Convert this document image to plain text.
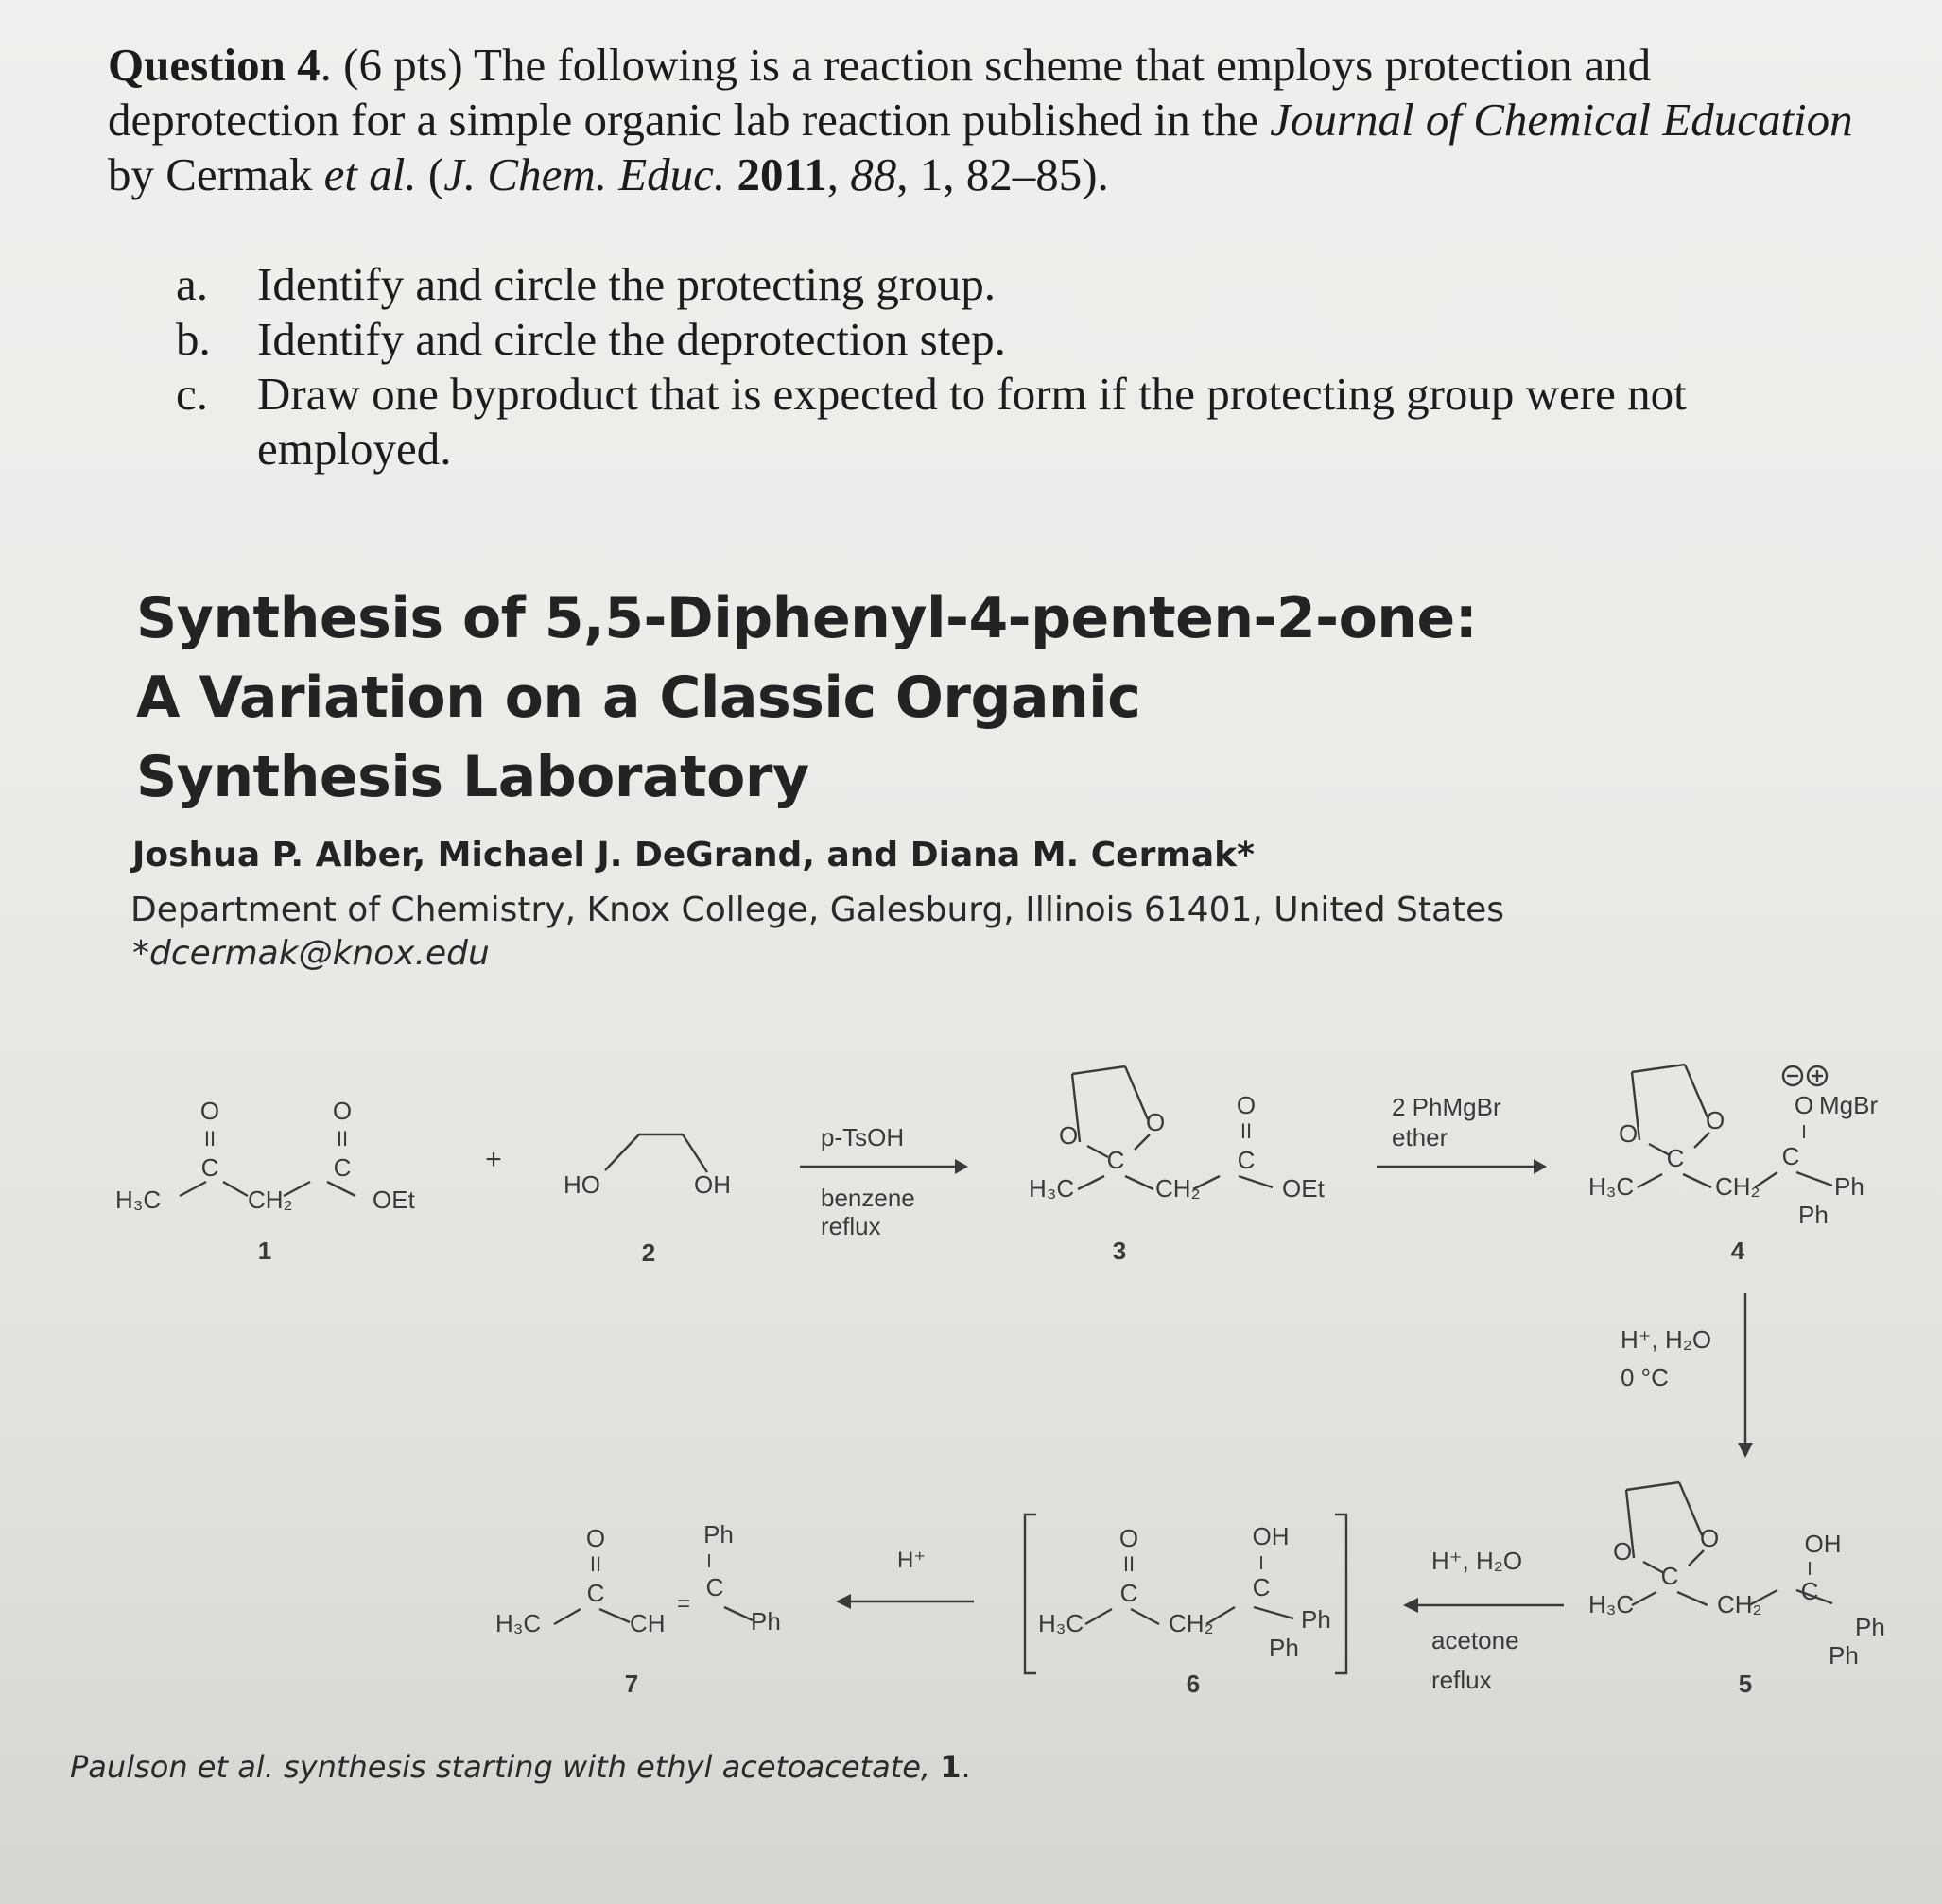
Question 4. (6 pts) The following is a reaction scheme that employs protection and deprotection for a simple organic lab reaction published in the Journal of Chemical Education by Cermak et al. (J. Chem. Educ. 2011, 88, 1, 82–85).

a.	Identify and circle the protecting group.
b.	Identify and circle the deprotection step.
c.	Draw one byproduct that is expected to form if the protecting group were not employed.
Synthesis of 5,5-Diphenyl-4-penten-2-one:
A Variation on a Classic Organic
Synthesis Laboratory
Joshua P. Alber, Michael J. DeGrand, and Diana M. Cermak*
Department of Chemistry, Knox College, Galesburg, Illinois 61401, United States
*dcermak@knox.edu
O
II
C
O
II
C
H₃C	CH₂	OEt
1
+
HO	OH
2
p-TsOH
benzene
reflux
O	O
C
O
II
C
H₃C	CH₂	OEt
3
2 PhMgBr
ether	O	O
C
O MgBr
I
C
H₃C	CH₂	Ph
Ph
4
H⁺, H₂O
0 °C
O	O
C
OH
I
C
H₃C	CH₂
Ph
Ph
5
H⁺, H₂O
acetone
reflux
O
II
C
OH
I
C
H₃C	CH₂	Ph
Ph
6
H⁺
O
II
C
Ph
I
C
H₃C	CH
=
Ph
7
Paulson et al. synthesis starting with ethyl acetoacetate, 1.
